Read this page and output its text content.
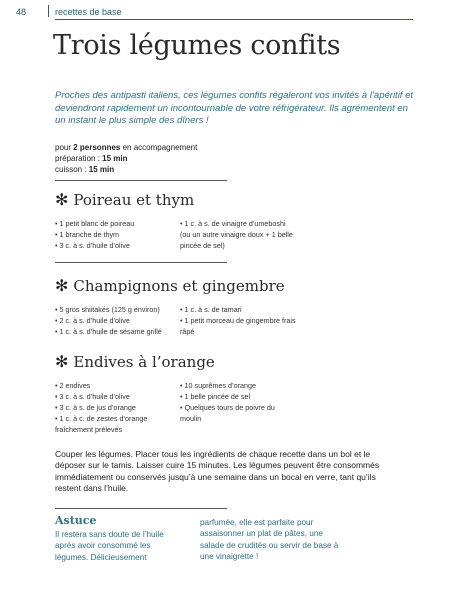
48	recettes de base
Trois légumes confits

Proches des antipasti italiens, ces légumes confits régaleront vos invités à l’apéritif et deviendront rapidement un incontournable de votre réfrigérateur. Ils agrémentent en un instant le plus simple des dîners !

pour 2 personnes en accompagnement
préparation : 15 min
cuisson : 15 min
✻ Poireau et thym
• 1 petit blanc de poireau
• 1 branche de thym
• 3 c. à s. d’huile d’olive
• 1 c. à s. de vinaigre d’umeboshi
(ou un autre vinaigre doux + 1 belle
pincée de sel)
✻ Champignons et gingembre
• 5 gros shiitakés (125 g environ)
• 2 c. à s. d’huile d’olive
• 1 c. à s. d’huile de sésame grillé
• 1 c. à s. de tamari
• 1 petit morceau de gingembre frais
râpé
✻ Endives à l’orange
• 2 endives
• 3 c. à s. d’huile d’olive
• 3 c. à s. de jus d’orange
• 1 c. à c. de zestes d’orange
fraîchement prélevés
• 10 suprêmes d’orange
• 1 belle pincée de sel
• Quelques tours de poivre du
moulin

Couper les légumes. Placer tous les ingrédients de chaque recette dans un bol et le déposer sur le tamis. Laisser cuire 15 minutes. Les légumes peuvent être consommés immédiatement ou conservés jusqu’à une semaine dans un bocal en verre, tant qu’ils restent dans l’huile.

Astuce

Il restera sans doute de l’huile après avoir consommé les légumes. Délicieusement

parfumée, elle est parfaite pour assaisonner un plat de pâtes, une salade de crudités ou servir de base à une vinaigrette !
